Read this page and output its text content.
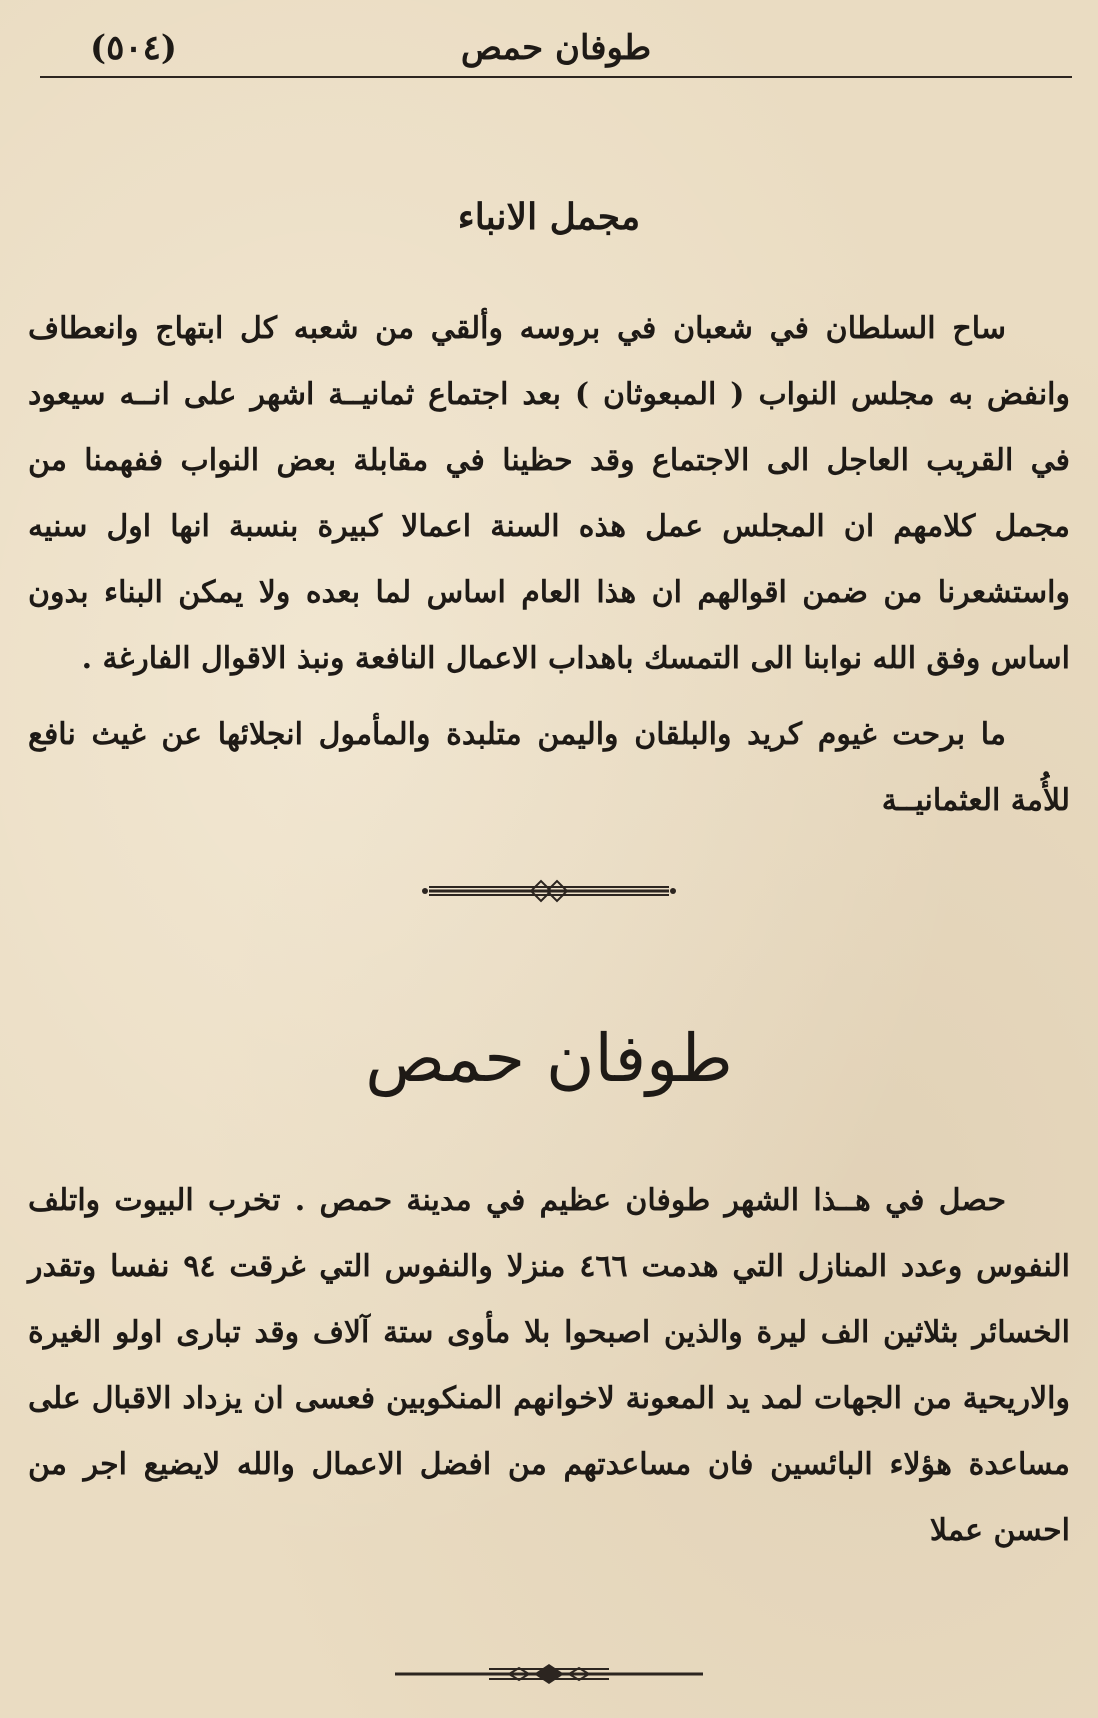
طوفان حمص
(٥٠٤)
مجمل الانباء
ساح السلطان في شعبان في بروسه وألقي من شعبه كل ابتهاج وانعطاف وانفض به مجلس النواب ( المبعوثان ) بعد اجتماع ثمانيــة اشهر على انــه سيعود في القريب العاجل الى الاجتماع وقد حظينا في مقابلة بعض النواب ففهمنا من مجمل كلامهم ان المجلس عمل هذه السنة اعمالا كبيرة بنسبة انها اول سنيه واستشعرنا من ضمن اقوالهم ان هذا العام اساس لما بعده ولا يمكن البناء بدون اساس وفق الله نوابنا الى التمسك باهداب الاعمال النافعة ونبذ الاقوال الفارغة .
ما برحت غيوم كريد والبلقان واليمن متلبدة والمأمول انجلائها عن غيث نافع للأُمة العثمانيــة
طوفان حمص
حصل في هــذا الشهر طوفان عظيم في مدينة حمص . تخرب البيوت واتلف النفوس وعدد المنازل التي هدمت ٤٦٦ منزلا والنفوس التي غرقت ٩٤ نفسا وتقدر الخسائر بثلاثين الف ليرة والذين اصبحوا بلا مأوى ستة آلاف وقد تبارى اولو الغيرة والاريحية من الجهات لمد يد المعونة لاخوانهم المنكوبين فعسى ان يزداد الاقبال على مساعدة هؤلاء البائسين فان مساعدتهم من افضل الاعمال والله لايضيع اجر من احسن عملا
